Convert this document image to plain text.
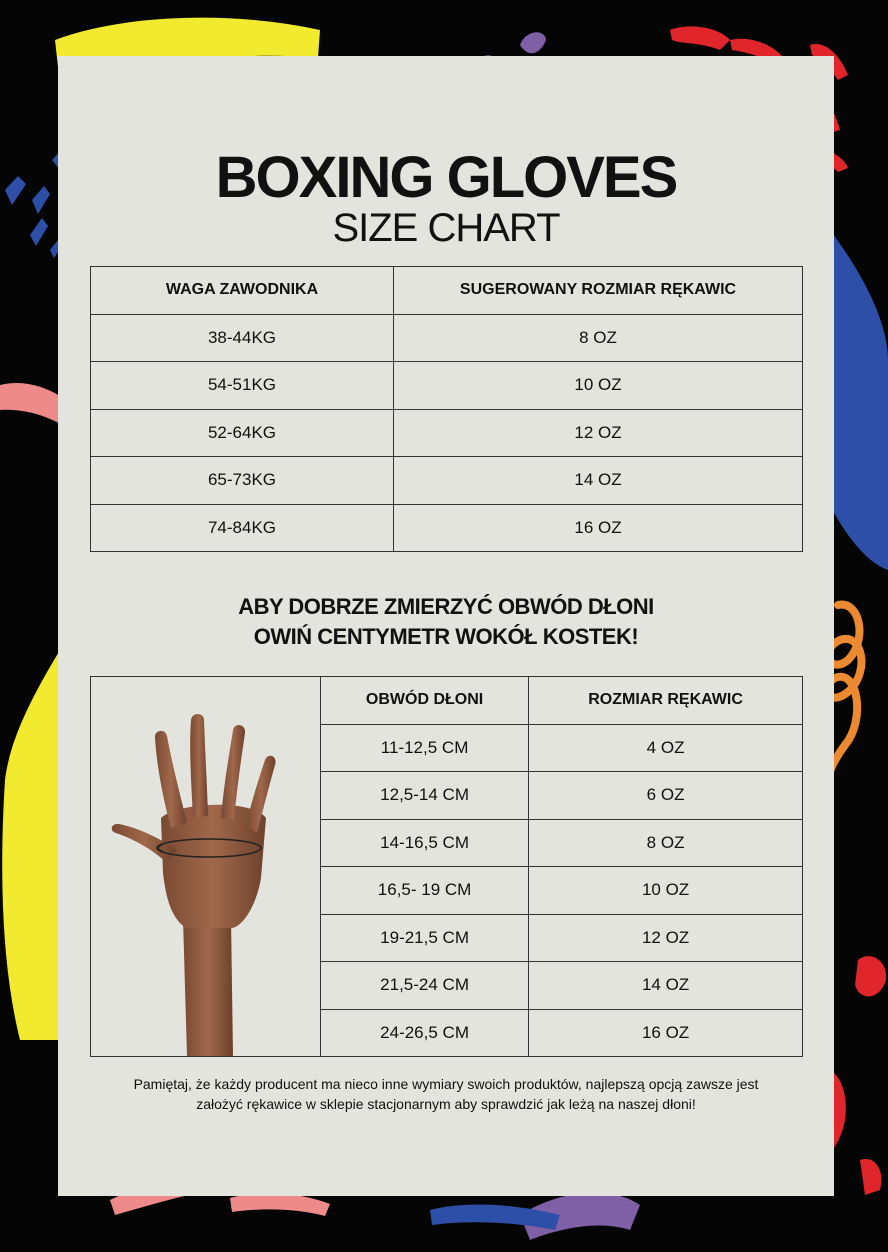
BOXING GLOVES
SIZE CHART
WAGA ZAWODNIKA	SUGEROWANY ROZMIAR RĘKAWIC
38-44KG	8 OZ
54-51KG	10 OZ
52-64KG	12 OZ
65-73KG	14 OZ
74-84KG	16 OZ
ABY DOBRZE ZMIERZYĆ OBWÓD DŁONI
OWIŃ CENTYMETR WOKÓŁ KOSTEK!
	OBWÓD DŁONI	ROZMIAR RĘKAWIC
	11-12,5 CM	4 OZ
	12,5-14 CM	6 OZ
	14-16,5 CM	8 OZ
	16,5- 19 CM	10 OZ
	19-21,5 CM	12 OZ
	21,5-24 CM	14 OZ
	24-26,5 CM	16 OZ
Pamiętaj, że każdy producent ma nieco inne wymiary swoich produktów, najlepszą opcją zawsze jest
założyć rękawice w sklepie stacjonarnym aby sprawdzić jak leżą na naszej dłoni!
